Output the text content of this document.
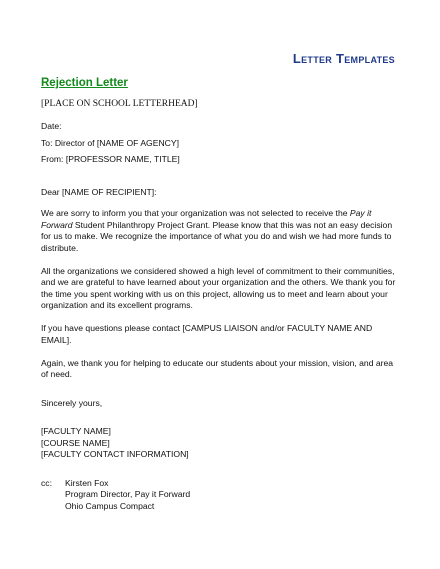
Letter Templates
Rejection Letter
[PLACE ON SCHOOL LETTERHEAD]

Date:

To: Director of [NAME OF AGENCY]

From: [PROFESSOR NAME, TITLE]

Dear [NAME OF RECIPIENT]:

We are sorry to inform you that your organization was not selected to receive the Pay it Forward Student Philanthropy Project Grant. Please know that this was not an easy decision for us to make. We recognize the importance of what you do and wish we had more funds to distribute.

All the organizations we considered showed a high level of commitment to their communities, and we are grateful to have learned about your organization and the others. We thank you for the time you spent working with us on this project, allowing us to meet and learn about your organization and its excellent programs.

If you have questions please contact [CAMPUS LIAISON and/or FACULTY NAME AND EMAIL].

Again, we thank you for helping to educate our students about your mission, vision, and area of need.

Sincerely yours,

[FACULTY NAME]

[COURSE NAME]

[FACULTY CONTACT INFORMATION]

cc:	Kirsten Fox
Program Director, Pay it Forward
Ohio Campus Compact
